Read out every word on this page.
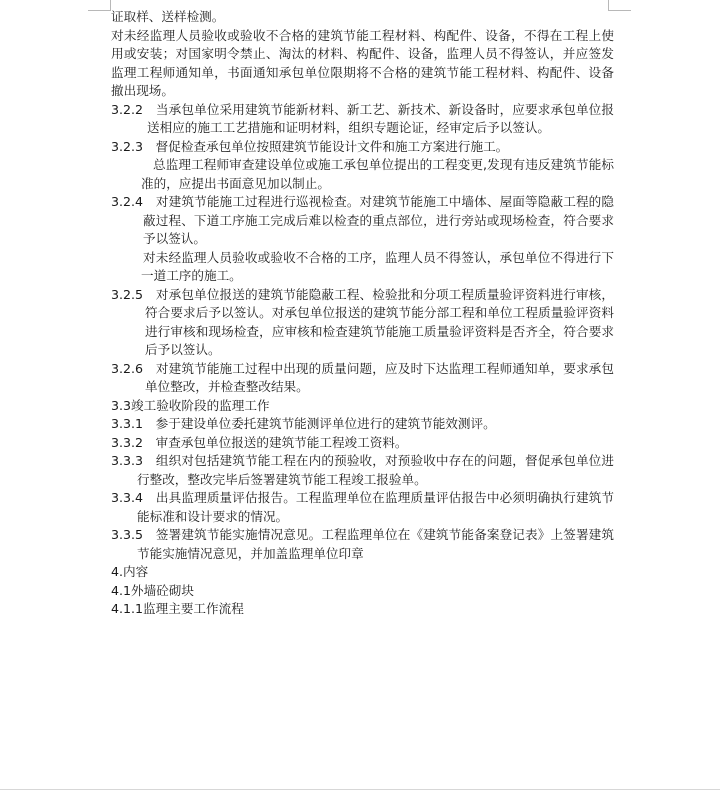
证取样、送样检测。

对未经监理人员验收或验收不合格的建筑节能工程材料、构配件、设备，不得在工程上使用或安装；对国家明令禁止、淘汰的材料、构配件、设备，监理人员不得签认，并应签发监理工程师通知单，书面通知承包单位限期将不合格的建筑节能工程材料、构配件、设备撤出现场。

3.2.2　当承包单位采用建筑节能新材料、新工艺、新技术、新设备时，应要求承包单位报送相应的施工工艺措施和证明材料，组织专题论证，经审定后予以签认。

3.2.3　督促检查承包单位按照建筑节能设计文件和施工方案进行施工。

总监理工程师审查建设单位或施工承包单位提出的工程变更,发现有违反建筑节能标准的，应提出书面意见加以制止。

3.2.4　对建筑节能施工过程进行巡视检查。对建筑节能施工中墙体、屋面等隐蔽工程的隐蔽过程、下道工序施工完成后难以检查的重点部位，进行旁站或现场检查，符合要求予以签认。

对未经监理人员验收或验收不合格的工序，监理人员不得签认，承包单位不得进行下一道工序的施工。

3.2.5　对承包单位报送的建筑节能隐蔽工程、检验批和分项工程质量验评资料进行审核，符合要求后予以签认。对承包单位报送的建筑节能分部工程和单位工程质量验评资料进行审核和现场检查，应审核和检查建筑节能施工质量验评资料是否齐全，符合要求后予以签认。

3.2.6　对建筑节能施工过程中出现的质量问题，应及时下达监理工程师通知单，要求承包单位整改，并检查整改结果。

3.3竣工验收阶段的监理工作

3.3.1　参于建设单位委托建筑节能测评单位进行的建筑节能效测评。

3.3.2　审查承包单位报送的建筑节能工程竣工资料。

3.3.3　组织对包括建筑节能工程在内的预验收，对预验收中存在的问题，督促承包单位进行整改，整改完毕后签署建筑节能工程竣工报验单。

3.3.4　出具监理质量评估报告。工程监理单位在监理质量评估报告中必须明确执行建筑节能标准和设计要求的情况。

3.3.5　签署建筑节能实施情况意见。工程监理单位在《建筑节能备案登记表》上签署建筑节能实施情况意见，并加盖监理单位印章

4.内容

4.1外墙砼砌块

4.1.1监理主要工作流程
